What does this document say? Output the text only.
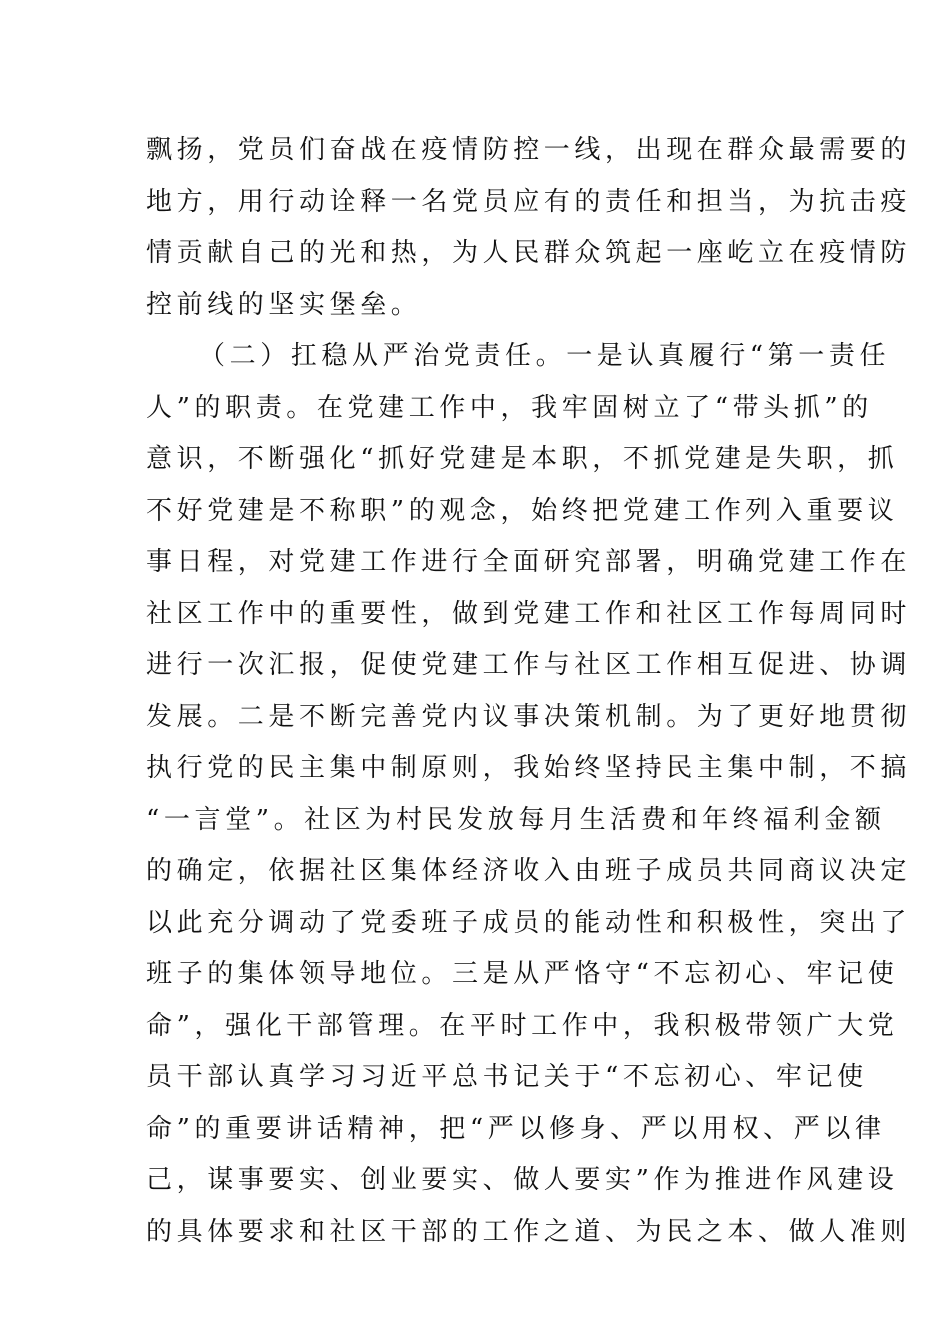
飘扬，党员们奋战在疫情防控一线，出现在群众最需要的
地方，用行动诠释一名党员应有的责任和担当，为抗击疫
情贡献自己的光和热，为人民群众筑起一座屹立在疫情防
控前线的坚实堡垒。
（二）扛稳从严治党责任。一是认真履行“第一责任
人”的职责。在党建工作中，我牢固树立了“带头抓”的
意识，不断强化“抓好党建是本职，不抓党建是失职，抓
不好党建是不称职”的观念，始终把党建工作列入重要议
事日程，对党建工作进行全面研究部署，明确党建工作在
社区工作中的重要性，做到党建工作和社区工作每周同时
进行一次汇报，促使党建工作与社区工作相互促进、协调
发展。二是不断完善党内议事决策机制。为了更好地贯彻
执行党的民主集中制原则，我始终坚持民主集中制，不搞
“一言堂”。社区为村民发放每月生活费和年终福利金额
的确定，依据社区集体经济收入由班子成员共同商议决定
以此充分调动了党委班子成员的能动性和积极性，突出了
班子的集体领导地位。三是从严恪守“不忘初心、牢记使
命”，强化干部管理。在平时工作中，我积极带领广大党
员干部认真学习习近平总书记关于“不忘初心、牢记使
命”的重要讲话精神，把“严以修身、严以用权、严以律
己，谋事要实、创业要实、做人要实”作为推进作风建设
的具体要求和社区干部的工作之道、为民之本、做人准则
